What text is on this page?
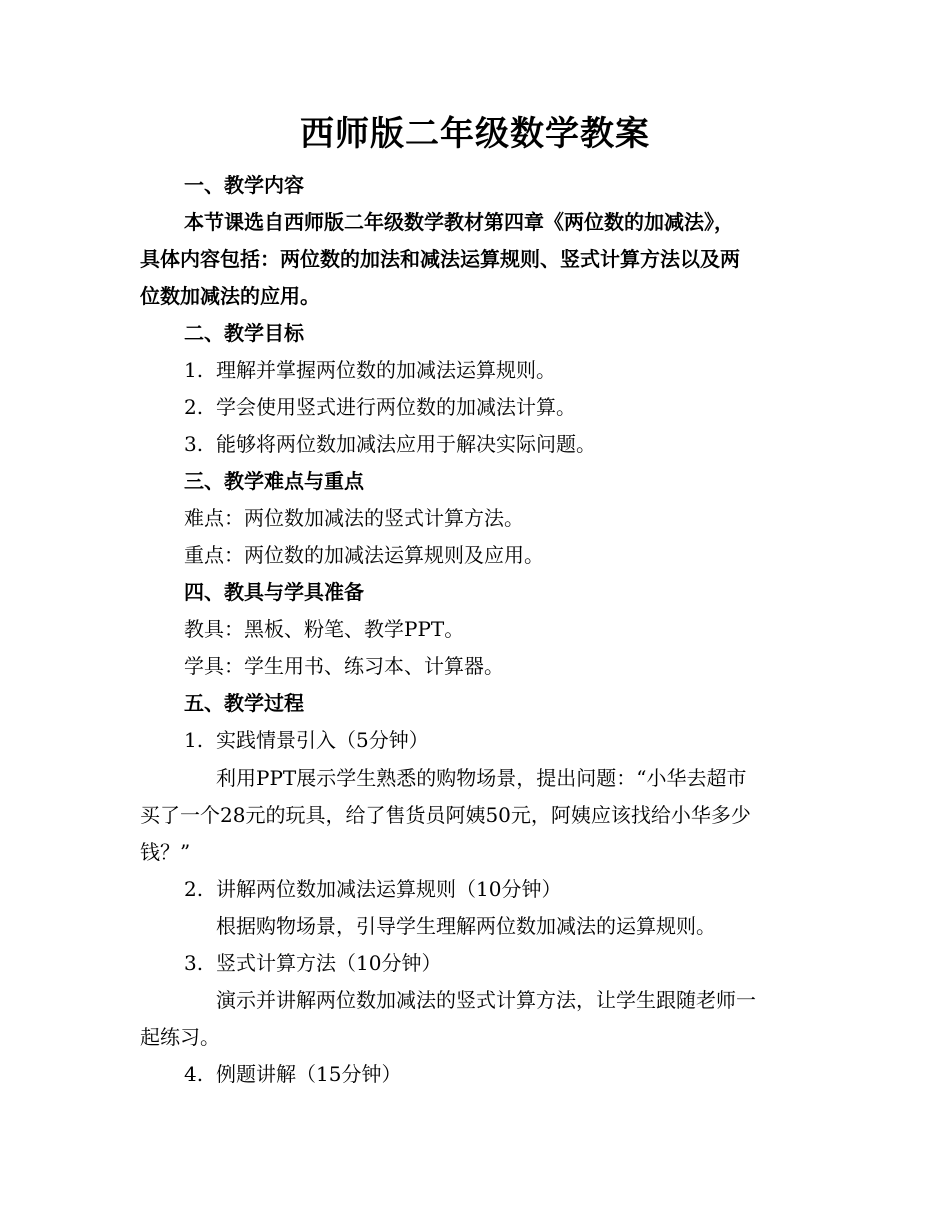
西师版二年级数学教案

一、教学内容

本节课选自西师版二年级数学教材第四章《两位数的加减法》，

具体内容包括：两位数的加法和减法运算规则、竖式计算方法以及两

位数加减法的应用。

二、教学目标

1. 理解并掌握两位数的加减法运算规则。

2. 学会使用竖式进行两位数的加减法计算。

3. 能够将两位数加减法应用于解决实际问题。

三、教学难点与重点

难点：两位数加减法的竖式计算方法。

重点：两位数的加减法运算规则及应用。

四、教具与学具准备

教具：黑板、粉笔、教学PPT。

学具：学生用书、练习本、计算器。

五、教学过程

1. 实践情景引入（5分钟）

利用PPT展示学生熟悉的购物场景，提出问题：“小华去超市

买了一个28元的玩具，给了售货员阿姨50元，阿姨应该找给小华多少

钱？”

2. 讲解两位数加减法运算规则（10分钟）

根据购物场景，引导学生理解两位数加减法的运算规则。

3. 竖式计算方法（10分钟）

演示并讲解两位数加减法的竖式计算方法，让学生跟随老师一

起练习。

4. 例题讲解（15分钟）
